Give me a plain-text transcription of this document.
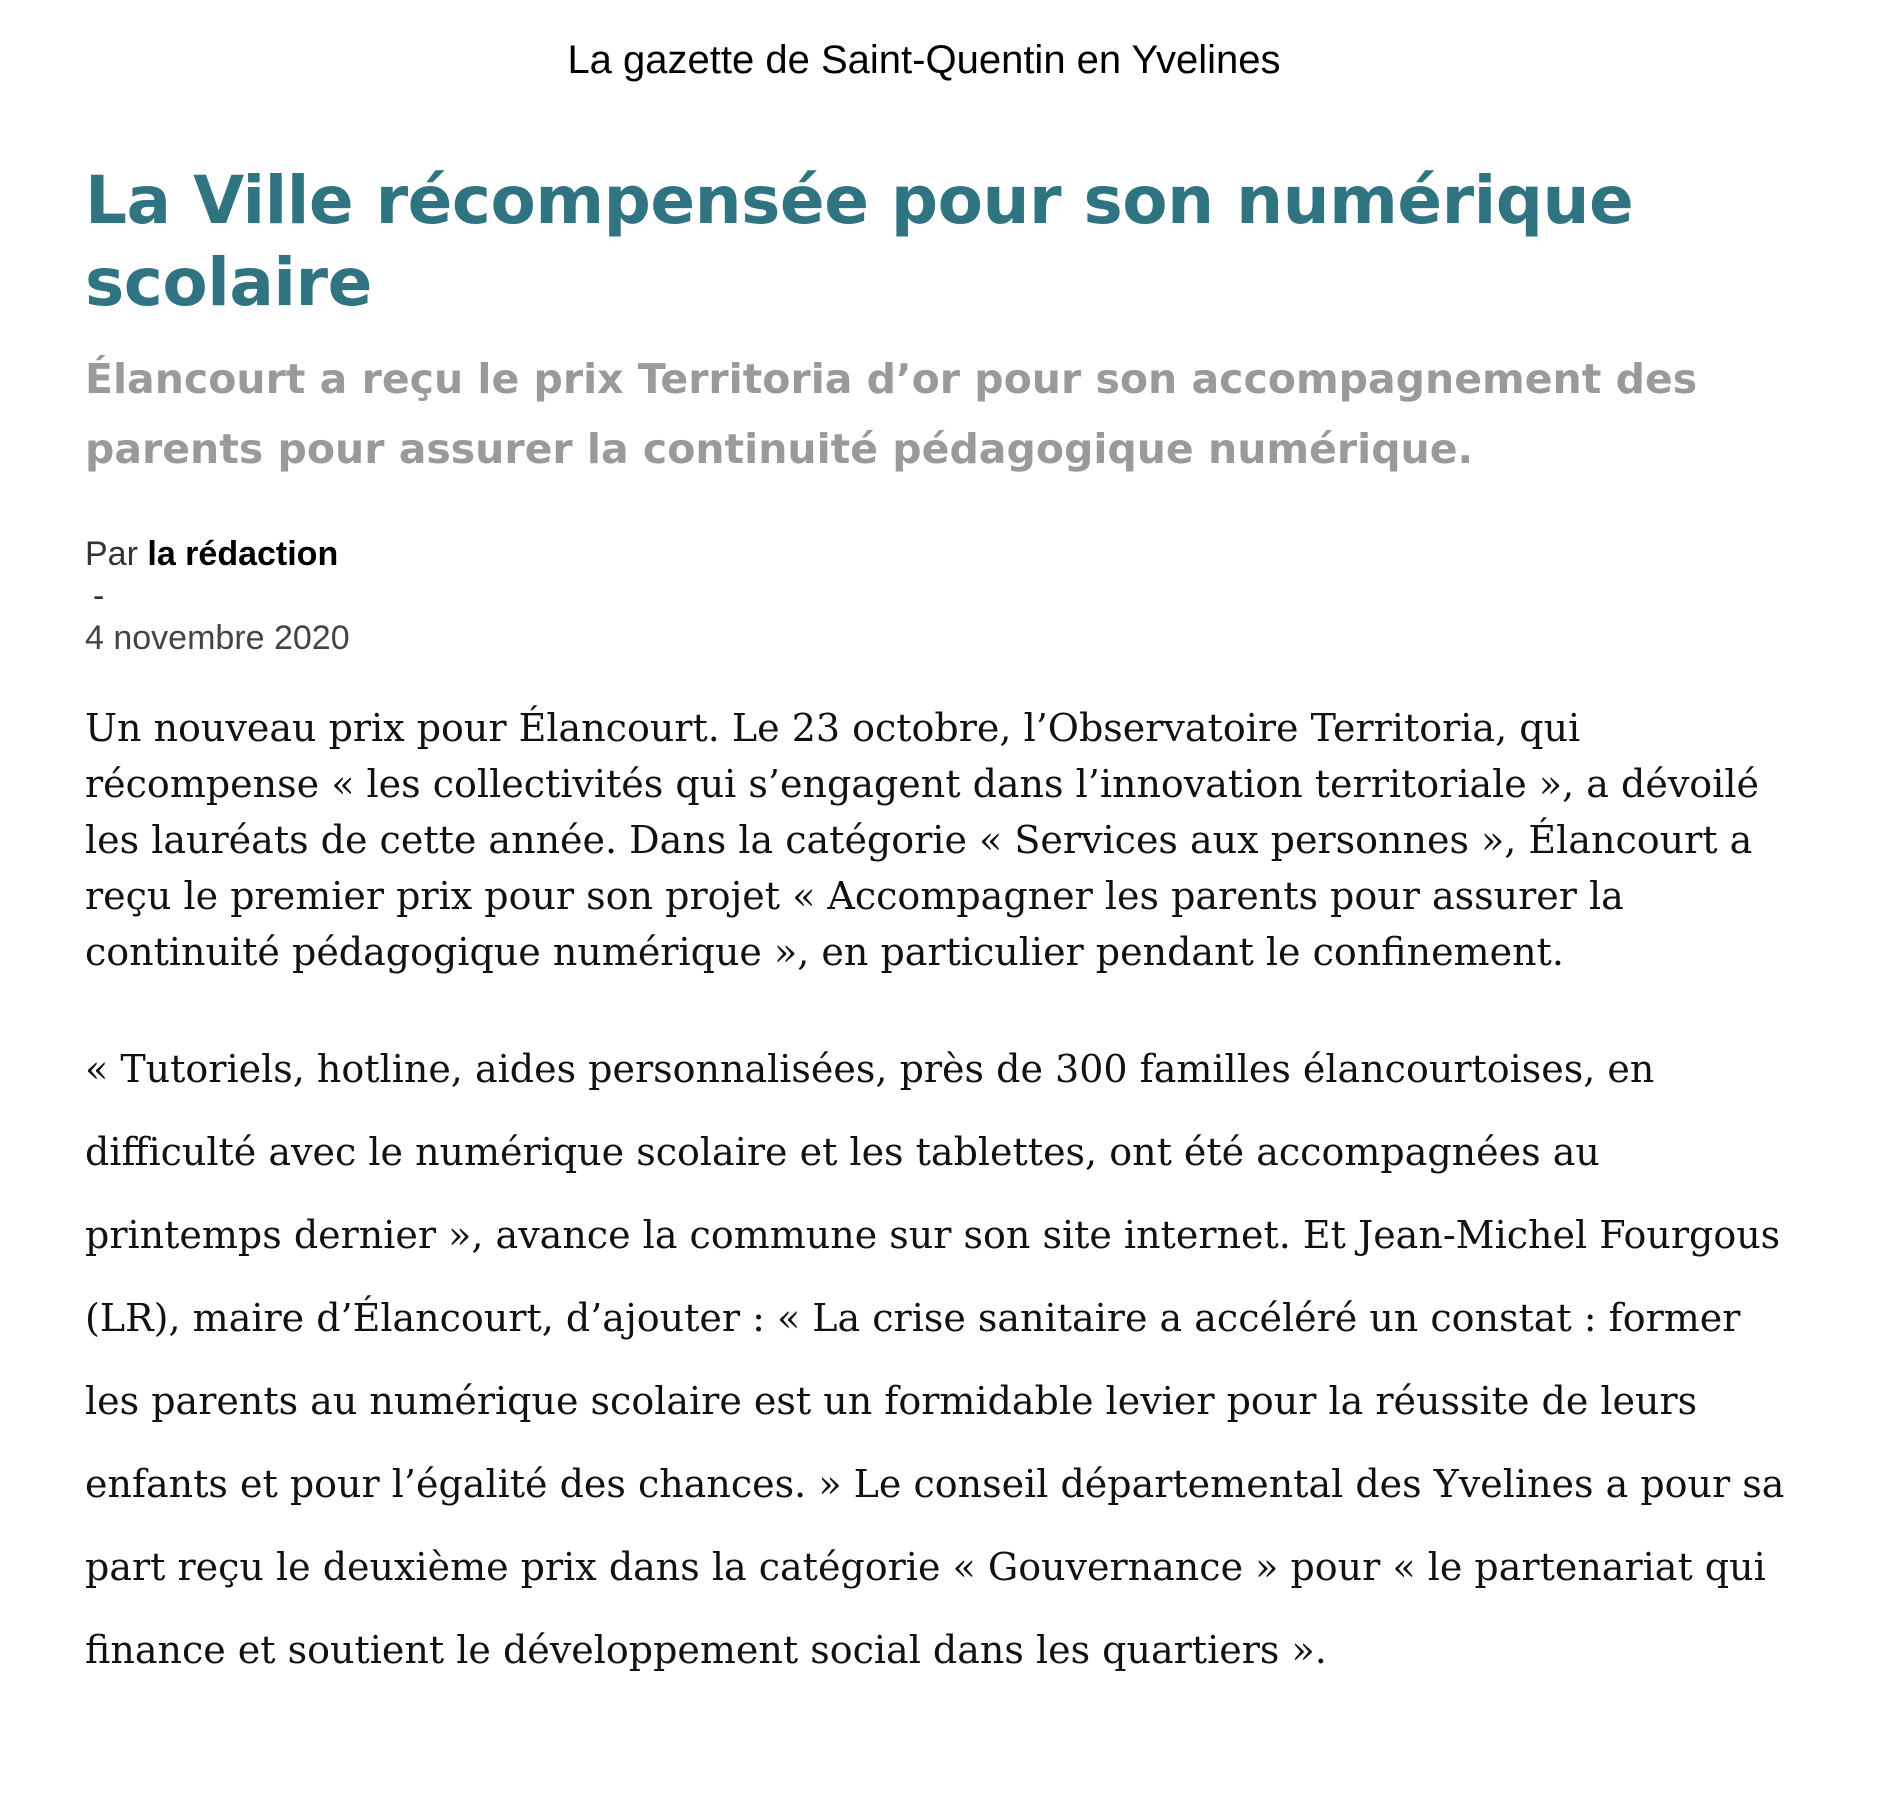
La gazette de Saint-Quentin en Yvelines

La Ville récompensée pour son numérique scolaire

Élancourt a reçu le prix Territoria d’or pour son accompagnement des parents pour assurer la continuité pédagogique numérique.

Par la rédaction
-
4 novembre 2020

Un nouveau prix pour Élancourt. Le 23 octobre, l’Observatoire Territoria, qui récompense « les collectivités qui s’engagent dans l’innovation territoriale », a dévoilé les lauréats de cette année. Dans la catégorie « Services aux personnes », Élancourt a reçu le premier prix pour son projet « Accompagner les parents pour assurer la continuité pédagogique numérique », en particulier pendant le confinement.

« Tutoriels, hotline, aides personnalisées, près de 300 familles élancourtoises, en difficulté avec le numérique scolaire et les tablettes, ont été accompagnées au printemps dernier », avance la commune sur son site internet. Et Jean-Michel Fourgous (LR), maire d’Élancourt, d’ajouter : « La crise sanitaire a accéléré un constat : former les parents au numérique scolaire est un formidable levier pour la réussite de leurs enfants et pour l’égalité des chances. » Le conseil départemental des Yvelines a pour sa part reçu le deuxième prix dans la catégorie « Gouvernance » pour « le partenariat qui finance et soutient le développement social dans les quartiers ».
